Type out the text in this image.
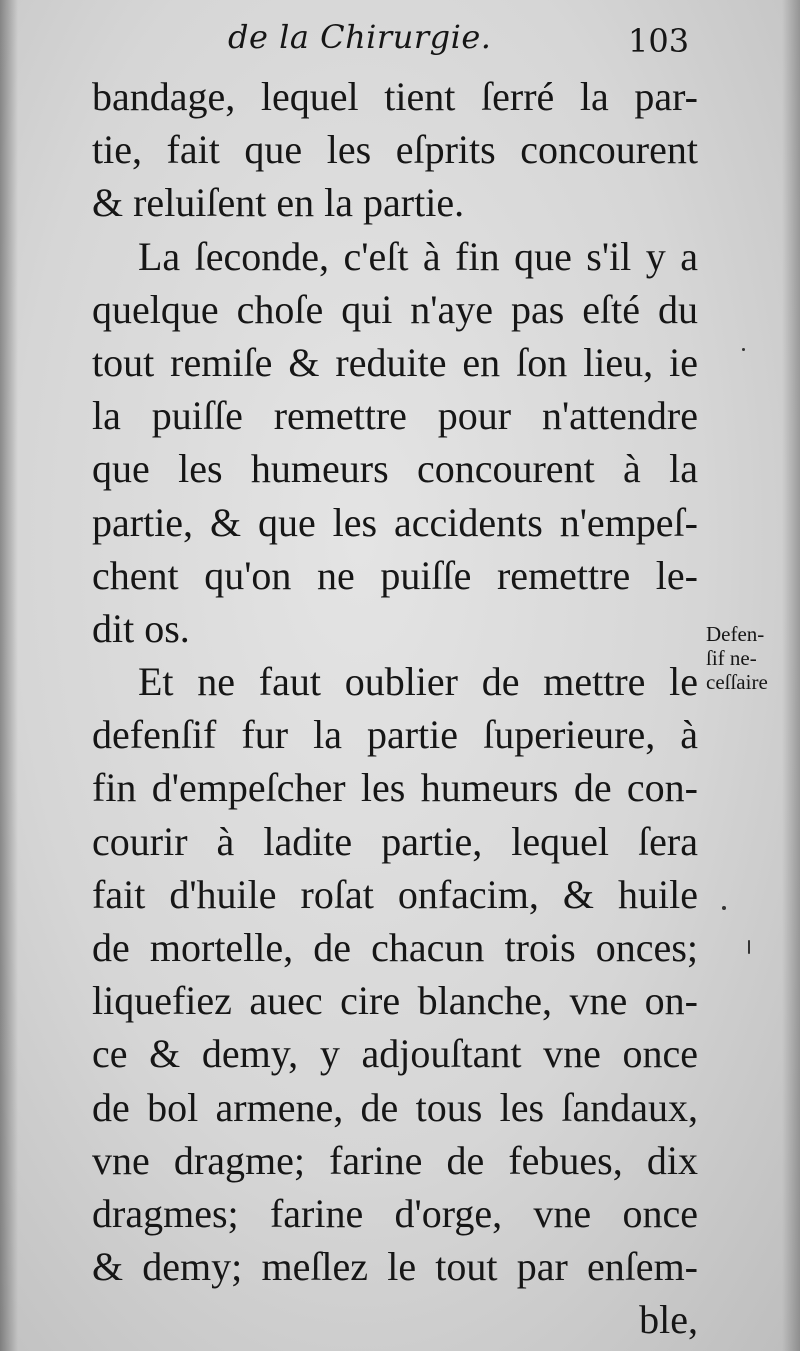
de la Chirurgie.	103
bandage, lequel tient ſerré la par-
tie, fait que les eſprits concourent
& reluiſent en la partie.
La ſeconde, c'eſt à fin que s'il y a
quelque choſe qui n'aye pas eſté du
tout remiſe & reduite en ſon lieu, ie
la puiſſe remettre pour n'attendre
que les humeurs concourent à la
partie, & que les accidents n'empeſ-
chent qu'on ne puiſſe remettre le-
dit os.
Et ne faut oublier de mettre le
defenſif fur la partie ſuperieure, à
fin d'empeſcher les humeurs de con-
courir à ladite partie, lequel ſera
fait d'huile roſat onfacim, & huile
de mortelle, de chacun trois onces;
liquefiez auec cire blanche, vne on-
ce & demy, y adjouſtant vne once
de bol armene, de tous les ſandaux,
vne dragme; farine de febues, dix
dragmes; farine d'orge, vne once
& demy; meſlez le tout par enſem-
ble,
Defen-
ſif ne-
ceſſaire
